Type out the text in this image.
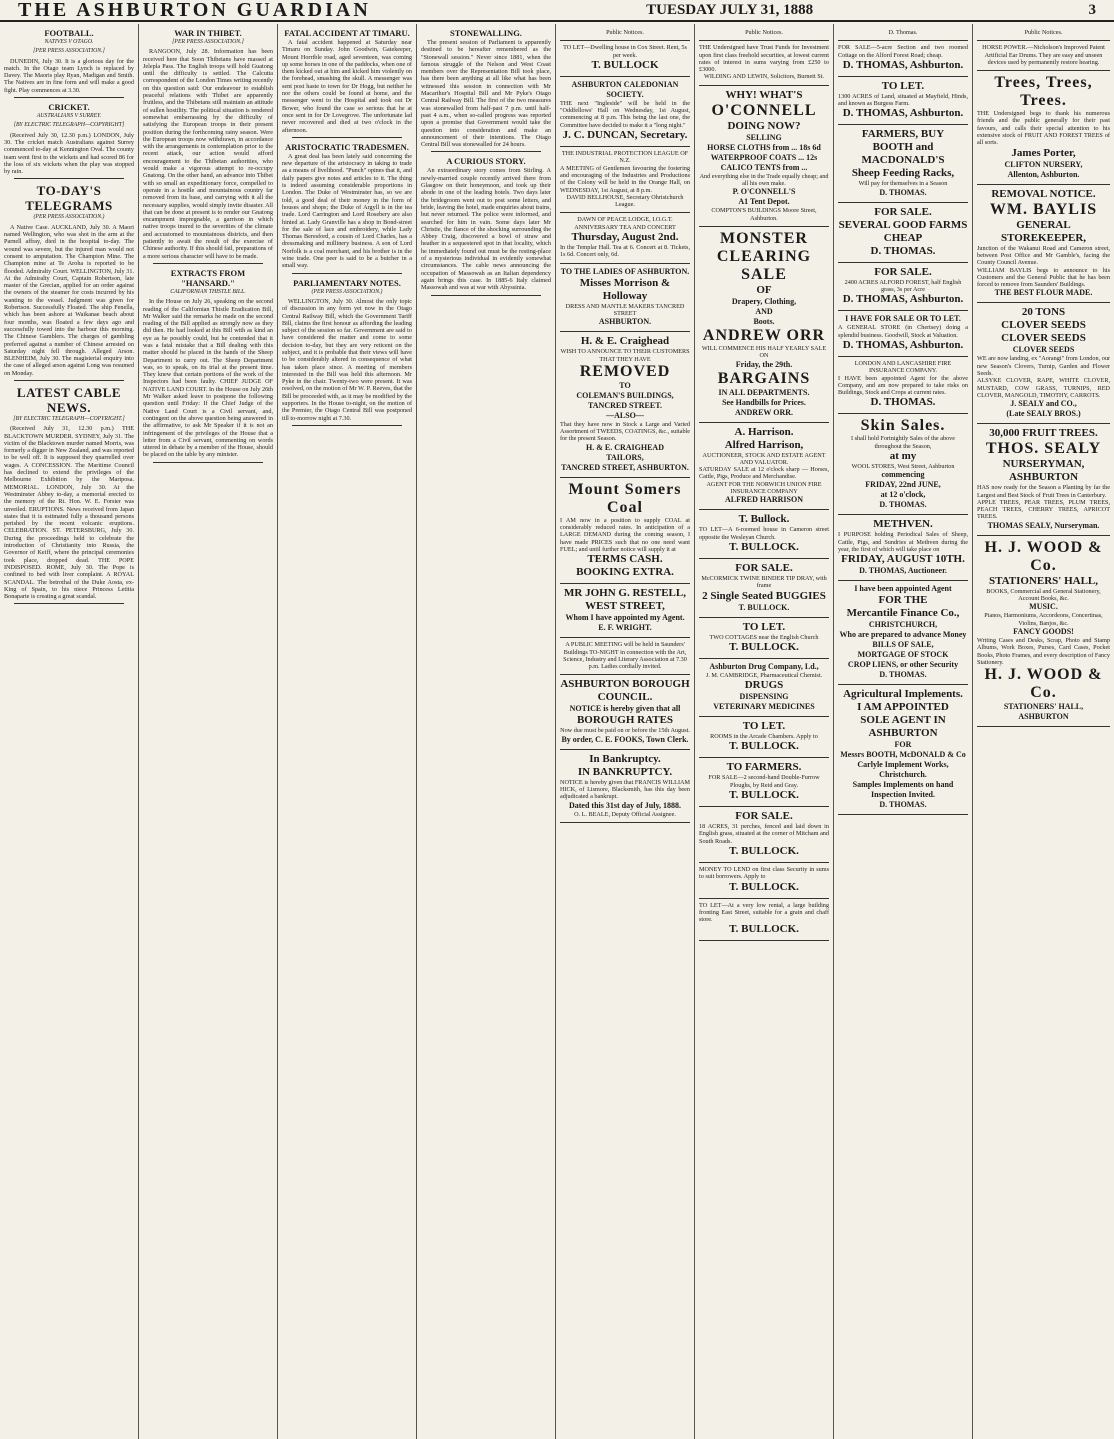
THE ASHBURTON GUARDIAN	TUESDAY JULY 31, 1888	3
FOOTBALL.
NATIVES V OTAGO.
[PER PRESS ASSOCIATION.]
DUNEDIN, July 30. It is a glorious day for the match. In the Otago team Lynch is replaced by Davey. The Maoris play Ryan, Madigan and Smith. The Natives are in fine form and will make a good fight. Play commences at 3.30.
CRICKET.
AUSTRALIANS V SURREY.
[BY ELECTRIC TELEGRAPH—COPYRIGHT]
(Received July 30, 12.30 p.m.) LONDON, July 30. The cricket match Australians against Surrey commenced to-day at Kennington Oval. The county team went first to the wickets and had scored 86 for the loss of six wickets when the play was stopped by rain.
TO-DAY'S TELEGRAMS
(PER PRESS ASSOCIATION.)
A Native Case. AUCKLAND, July 30. A Maori named Wellington, who was shot in the arm at the Parnell affray, died in the hospital to-day. The wound was severe, but the injured man would not consent to amputation. The Champion Mine. The Champion mine at Te Aroha is reported to be flooded. Admiralty Court. WELLINGTON, July 31. At the Admiralty Court, Captain Robertson, late master of the Grecian, applied for an order against the owners of the steamer for costs incurred by his wanting to the vessel. Judgment was given for Robertson. Successfully Floated. The ship Fenella, which has been ashore at Waikanae beach about four months, was floated a few days ago and successfully towed into the harbour this morning. The Chinese Gamblers. The charges of gambling preferred against a number of Chinese arrested on Saturday night fell through. Alleged Arson. BLENHEIM, July 30. The magisterial enquiry into the case of alleged arson against Long was resumed on Monday.
LATEST CABLE NEWS.
[BY ELECTRIC TELEGRAPH—COPYRIGHT.]
(Received July 31, 12.30 p.m.) THE BLACKTOWN MURDER. SYDNEY, July 31. The victim of the Blacktown murder named Morris, was formerly a digger in New Zealand, and was reported to be well off. It is supposed they quarrelled over wages. A CONCESSION. The Maritime Council has declined to extend the privileges of the Melbourne Exhibition by the Mariposa. MEMORIAL. LONDON, July 30. At the Westminster Abbey to-day, a memorial erected to the memory of the Rt. Hon. W. E. Forster was unveiled. ERUPTIONS. News received from Japan states that it is estimated fully a thousand persons perished by the recent volcanic eruptions. CELEBRATION. ST. PETERSBURG, July 30. During the proceedings held to celebrate the introduction of Christianity into Russia, the Governor of Keiff, where the principal ceremonies took place, dropped dead. THE POPE INDISPOSED. ROME, July 30. The Pope is confined to bed with liver complaint. A ROYAL SCANDAL. The betrothal of the Duke Aosta, ex-King of Spain, to his niece Princess Letitia Bonaparte is creating a great scandal.
WAR IN THIBET.
[PER PRESS ASSOCIATION.]
RANGOON, July 28. Information has been received here that Soon Thibetans have massed at Jelepla Pass. The English troops will hold Guatong until the difficulty is settled. The Calcutta correspondent of the London Times writing recently on this question said: Our endeavour to establish peaceful relations with Thibet are apparently fruitless, and the Thibetans still maintain an attitude of sullen hostility. The political situation is rendered somewhat embarrassing by the difficulty of satisfying the European troops in their present position during the forthcoming rainy season. Were the European troops now withdrawn, in accordance with the arrangements in contemplation prior to the recent attack, our action would afford encouragement to the Thibetan authorities, who would make a vigorous attempt to re-occupy Gnatong. On the other hand, an advance into Thibet with so small an expeditionary force, compelled to operate in a hostile and mountainous country far removed from its base, and carrying with it all the necessary supplies, would simply invite disaster. All that can be done at present is to render our Gnatong encampment impregnable, a garrison in which native troops inured to the severities of the climate and accustomed to mountainous districts, and then patiently to await the result of the exercise of Chinese authority. If this should fail, preparations of a more serious character will have to be made.
EXTRACTS FROM "HANSARD."
CALIFORNIAN THISTLE BILL.
In the House on July 26, speaking on the second reading of the Californian Thistle Eradication Bill, Mr Walker said the remarks he made on the second reading of the Bill applied as strongly now as they did then. He had looked at this Bill with as kind an eye as he possibly could, but he contended that it was a fatal mistake that a Bill dealing with this matter should be placed in the hands of the Sheep Department to carry out. The Sheep Department was, so to speak, on its trial at the present time. They knew that certain portions of the work of the Inspectors had been faulty. CHIEF JUDGE OF NATIVE LAND COURT. In the House on July 26th Mr Walker asked leave to postpone the following question until Friday: If the Chief Judge of the Native Land Court is a Civil servant, and, contingent on the above question being answered in the affirmative, to ask Mr Speaker if it is not an infringement of the privileges of the House that a letter from a Civil servant, commenting on words uttered in debate by a member of the House, should be placed on the table by any minister.
FATAL ACCIDENT AT TIMARU.
A fatal accident happened at Saturday near Timaru on Sunday. John Goodwin, Gatekeeper, Mount Horrible road, aged seventeen, was coming up some horses in one of the paddocks, when one of them kicked out at him and kicked him violently on the forehead, smashing the skull. A messenger was sent post haste to town for Dr Hogg, but neither he nor the others could be found at home, and the messenger went to the Hospital and took out Dr Bower, who found the case so serious that he at once sent in for Dr Lovegrove. The unfortunate lad never recovered and died at two o'clock in the afternoon.
ARISTOCRATIC TRADESMEN.
A great deal has been lately said concerning the new departure of the aristocracy in taking to trade as a means of livelihood. "Punch" opines that it, and daily papers give notes and articles to it. The thing is indeed assuming considerable proportions in London. The Duke of Westminster has, so we are told, a good deal of their money in the form of houses and shops; the Duke of Argyll is in the tea trade. Lord Carrington and Lord Rosebery are also hinted at. Lady Granville has a shop in Bond-street for the sale of lace and embroidery, while Lady Thomas Beresford, a cousin of Lord Charles, has a dressmaking and millinery business. A son of Lord Norfolk is a coal merchant, and his brother is in the wine trade. One peer is said to be a butcher in a small way.
PARLIAMENTARY NOTES.
(PER PRESS ASSOCIATION.)
WELLINGTON, July 30. Almost the only topic of discussion in any form yet now in the Otago Central Railway Bill, which the Government Tariff Bill, claims the first honour as affording the leading subject of the session so far. Government are said to have considered the matter and come to some decision to-day, but they are very reticent on the subject, and it is probable that their views will have to be considerably altered in consequence of what has taken place since. A meeting of members interested in the Bill was held this afternoon. Mr Pyke in the chair. Twenty-two were present. It was resolved, on the motion of Mr W. P. Reeves, that the Bill be proceeded with, as it may be modified by the supporters. In the House to-night, on the motion of the Premier, the Otago Central Bill was postponed till to-morrow night at 7.30.
STONEWALLING.
The present session of Parliament is apparently destined to be hereafter remembered as the "Stonewall session." Never since 1881, when the famous struggle of the Nelson and West Coast members over the Representation Bill took place, has there been anything at all like what has been witnessed this session in connection with Mr Macarthur's Hospital Bill and Mr Pyke's Otago Central Railway Bill. The first of the two measures was stonewalled from half-past 7 p.m. until half-past 4 a.m., when so-called progress was reported upon a promise that Government would take the question into consideration and make an announcement of their intentions. The Otago Central Bill was stonewalled for 24 hours.
A CURIOUS STORY.
An extraordinary story comes from Stirling. A newly-married couple recently arrived there from Glasgow on their honeymoon, and took up their abode in one of the leading hotels. Two days later the bridegroom went out to post some letters, and bride, leaving the hotel, made enquiries about trains, but never returned. The police were informed, and searched for him in vain. Some days later Mr Christie, the fiance of the shocking surrounding the Abbey Craig, discovered a bowl of straw and heather in a sequestered spot in that locality, which he immediately found out must be the resting-place of a mysterious individual in evidently somewhat circumstances. The cable news announcing the occupation of Massowah as an Italian dependency again brings this case. In 1885-6 Italy claimed Massowah and was at war with Abyssinia.
Public Notices.
TO LET—Dwelling house in Cox Street. Rent, 5s per week.
T. BULLOCK
ASHBURTON CALEDONIAN SOCIETY.
THE next "Ingleside" will be held in the "Oddfellows' Hall on Wednesday, 1st August, commencing at 8 p.m. This being the last one, the Committee have decided to make it a "long night."
J. C. DUNCAN, Secretary.
THE INDUSTRIAL PROTECTION LEAGUE OF N.Z.
A MEETING of Gentlemen favouring the fostering and encouraging of the Industries and Productions of the Colony will be held in the Orange Hall, on WEDNESDAY, 1st August, at 8 p.m.
DAVID BELLHOUSE, Secretary Ohristchurch League.
DAWN OF PEACE LODGE, I.O.G.T. ANNIVERSARY TEA AND CONCERT
Thursday, August 2nd.
In the Templar Hall. Tea at 6. Concert at 8. Tickets, 1s 6d. Concert only, 6d.
TO THE LADIES OF ASHBURTON.
Misses Morrison & Holloway
DRESS AND MANTLE MAKERS TANCRED STREET
ASHBURTON.
H. & E. Craighead
WISH TO ANNOUNCE TO THEIR CUSTOMERS THAT THEY HAVE
REMOVED
TO
COLEMAN'S BUILDINGS,
TANCRED STREET.
—ALSO—
That they have now in Stock a Large and Varied Assortment of TWEEDS, COATINGS, &c., suitable for the present Season.
H. & E. CRAIGHEAD
TAILORS,
TANCRED STREET, ASHBURTON.
Mount Somers Coal
I AM now in a position to supply COAL at considerably reduced rates. In anticipation of a LARGE DEMAND during the coming season, I have made PRICES such that no one need want FUEL; and until further notice will supply it at
TERMS CASH. BOOKING EXTRA.
MR JOHN G. RESTELL,
WEST STREET,
Whom I have appointed my Agent.
E. F. WRIGHT.
A PUBLIC MEETING will be held in Saunders' Buildings TO-NIGHT in connection with the Art, Science, Industry and Literary Association at 7.30 p.m. Ladies cordially invited.
ASHBURTON BOROUGH COUNCIL.
NOTICE is hereby given that all
BOROUGH RATES
Now due must be paid on or before the 15th August.
By order, C. E. FOOKS, Town Clerk.
In Bankruptcy.
IN BANKRUPTCY.
NOTICE is hereby given that FRANCIS WILLIAM HICK, of Lismore, Blacksmith, has this day been adjudicated a bankrupt.
Dated this 31st day of July, 1888.
O. L. BEALE, Deputy Official Assignee.
Public Notices.
THE Undersigned have Trust Funds for Investment upon first class freehold securities, at lowest current rates of interest in sums varying from £250 to £3000.
WILDING AND LEWIN, Solicitors, Burnett St.
WHY! WHAT'S
O'CONNELL
DOING NOW?
SELLING
HORSE CLOTHS from ... 18s 6d
WATERPROOF COATS ... 12s
CALICO TENTS from ...
And everything else in the Trade equally cheap; and all his own make.
P. O'CONNELL'S
A1 Tent Depot.
COMPTON'S BUILDINGS Moore Street, Ashburton.
MONSTER
CLEARING SALE
OF
Drapery, Clothing,
AND
Boots.
ANDREW ORR
WILL COMMENCE HIS HALF YEARLY SALE ON
Friday, the 29th.
BARGAINS
IN ALL DEPARTMENTS.
See Handbills for Prices.
ANDREW ORR.
A. Harrison.
Alfred Harrison,
AUCTIONEER, STOCK AND ESTATE AGENT AND VALUATOR.
SATURDAY SALE at 12 o'clock sharp — Horses, Cattle, Pigs, Produce and Merchandise.
AGENT FOR THE NORWICH UNION FIRE INSURANCE COMPANY
ALFRED HARRISON
T. Bullock.
TO LET—A 6-roomed house in Cameron street opposite the Wesleyan Church.
T. BULLOCK.
FOR SALE.
McCORMICK TWINE BINDER TIP DRAY, with frame
2 Single Seated BUGGIES
T. BULLOCK.
TO LET.
TWO COTTAGES near the English Church
T. BULLOCK.
Ashburton Drug Company, Ld.,
J. M. CAMBRIDGE, Pharmaceutical Chemist.
DRUGS
DISPENSING
VETERINARY MEDICINES
TO LET.
ROOMS in the Arcade Chambers. Apply to
T. BULLOCK.
TO FARMERS.
FOR SALE—2 second-hand Double-Furrow Ploughs, by Reid and Gray.
T. BULLOCK.
FOR SALE.
18 ACRES, 31 perches, fenced and laid down in English grass, situated at the corner of Mitcham and South Roads.
T. BULLOCK.
MONEY TO LEND on first class Security in sums to suit borrowers. Apply to
T. BULLOCK.
TO LET—At a very low rental, a large building fronting East Street, suitable for a grain and chaff store.
T. BULLOCK.
D. Thomas.
FOR SALE—5-acre Section and two roomed Cottage on the Alford Forest Road; cheap.
D. THOMAS, Ashburton.
TO LET.
1300 ACRES of Land, situated at Mayfield, Hinds, and known as Burgess Farm.
D. THOMAS, Ashburton.
FARMERS, BUY
BOOTH and MACDONALD'S
Sheep Feeding Racks,
Will pay for themselves in a Season
D. THOMAS.
FOR SALE.
SEVERAL GOOD FARMS CHEAP
D. THOMAS.
FOR SALE.
2400 ACRES ALFORD FOREST, half English grass, 3s per Acre
D. THOMAS, Ashburton.
I HAVE FOR SALE OR TO LET.
A GENERAL STORE (in Chertsey) doing a splendid business. Goodwill, Stock at Valuation.
D. THOMAS, Ashburton.
LONDON AND LANCASHIRE FIRE INSURANCE COMPANY.
I HAVE been appointed Agent for the above Company, and am now prepared to take risks on Buildings, Stock and Crops at current rates.
D. THOMAS.
Skin Sales.
I shall hold Fortnightly Sales of the above throughout the Season,
at my
WOOL STORES, West Street, Ashburton
commencing
FRIDAY, 22nd JUNE,
at 12 o'clock,
D. THOMAS.
METHVEN.
I PURPOSE holding Periodical Sales of Sheep, Cattle, Pigs, and Sundries at Methven during the year, the first of which will take place on
FRIDAY, AUGUST 10TH.
D. THOMAS, Auctioneer.
I have been appointed Agent
FOR THE
Mercantile Finance Co.,
CHRISTCHURCH,
Who are prepared to advance Money
BILLS OF SALE,
MORTGAGE OF STOCK
CROP LIENS, or other Security
D. THOMAS.
Agricultural Implements.
I AM APPOINTED
SOLE AGENT IN ASHBURTON
FOR
Messrs BOOTH, McDONALD & Co
Carlyle Implement Works,
Christchurch.
Samples Implements on hand
Inspection Invited.
D. THOMAS.
Public Notices.
HORSE POWER.—Nicholson's Improved Patent Artificial Ear Drums. They are easy and unseen devices used by permanently restore hearing.
Trees, Trees, Trees.
THE Undersigned begs to thank his numerous friends and the public generally for their past favours, and calls their special attention to his extensive stock of FRUIT AND FOREST TREES of all sorts.
James Porter,
CLIFTON NURSERY,
Allenton, Ashburton.
REMOVAL NOTICE.
WM. BAYLIS
GENERAL STOREKEEPER,
Junction of the Wakanui Road and Cameron street, between Post Office and Mr Gamble's, facing the County Council Avenue.
WILLIAM BAYLIS begs to announce to his Customers and the General Public that he has been forced to remove from Saunders' Buildings.
THE BEST FLOUR MADE.
20 TONS
CLOVER SEEDS
CLOVER SEEDS
CLOVER SEEDS
WE are now landing, ex "Aorangi" from London, our new Season's Clovers, Turnip, Garden and Flower Seeds.
ALSYKE CLOVER, RAPE, WHITE CLOVER, MUSTARD, COW GRASS, TURNIPS, RED CLOVER, MANGOLD, TIMOTHY, CARROTS.
J. SEALY and CO.,
(Late SEALY BROS.)
30,000 FRUIT TREES.
THOS. SEALY
NURSERYMAN, ASHBURTON
HAS now ready for the Season a Planting by far the Largest and Best Stock of Fruit Trees in Canterbury.
APPLE TREES, PEAR TREES, PLUM TREES, PEACH TREES, CHERRY TREES, APRICOT TREES.
THOMAS SEALY, Nurseryman.
H. J. WOOD & Co.
STATIONERS' HALL,
BOOKS, Commercial and General Stationery, Account Books, &c.
MUSIC.
Pianos, Harmoniums, Accordeons, Concertinas, Violins, Banjos, &c.
FANCY GOODS!
Writing Cases and Desks, Scrap, Photo and Stamp Albums, Work Boxes, Purses, Card Cases, Pocket Books, Photo Frames, and every description of Fancy Stationery.
H. J. WOOD & Co.
STATIONERS' HALL,
ASHBURTON
